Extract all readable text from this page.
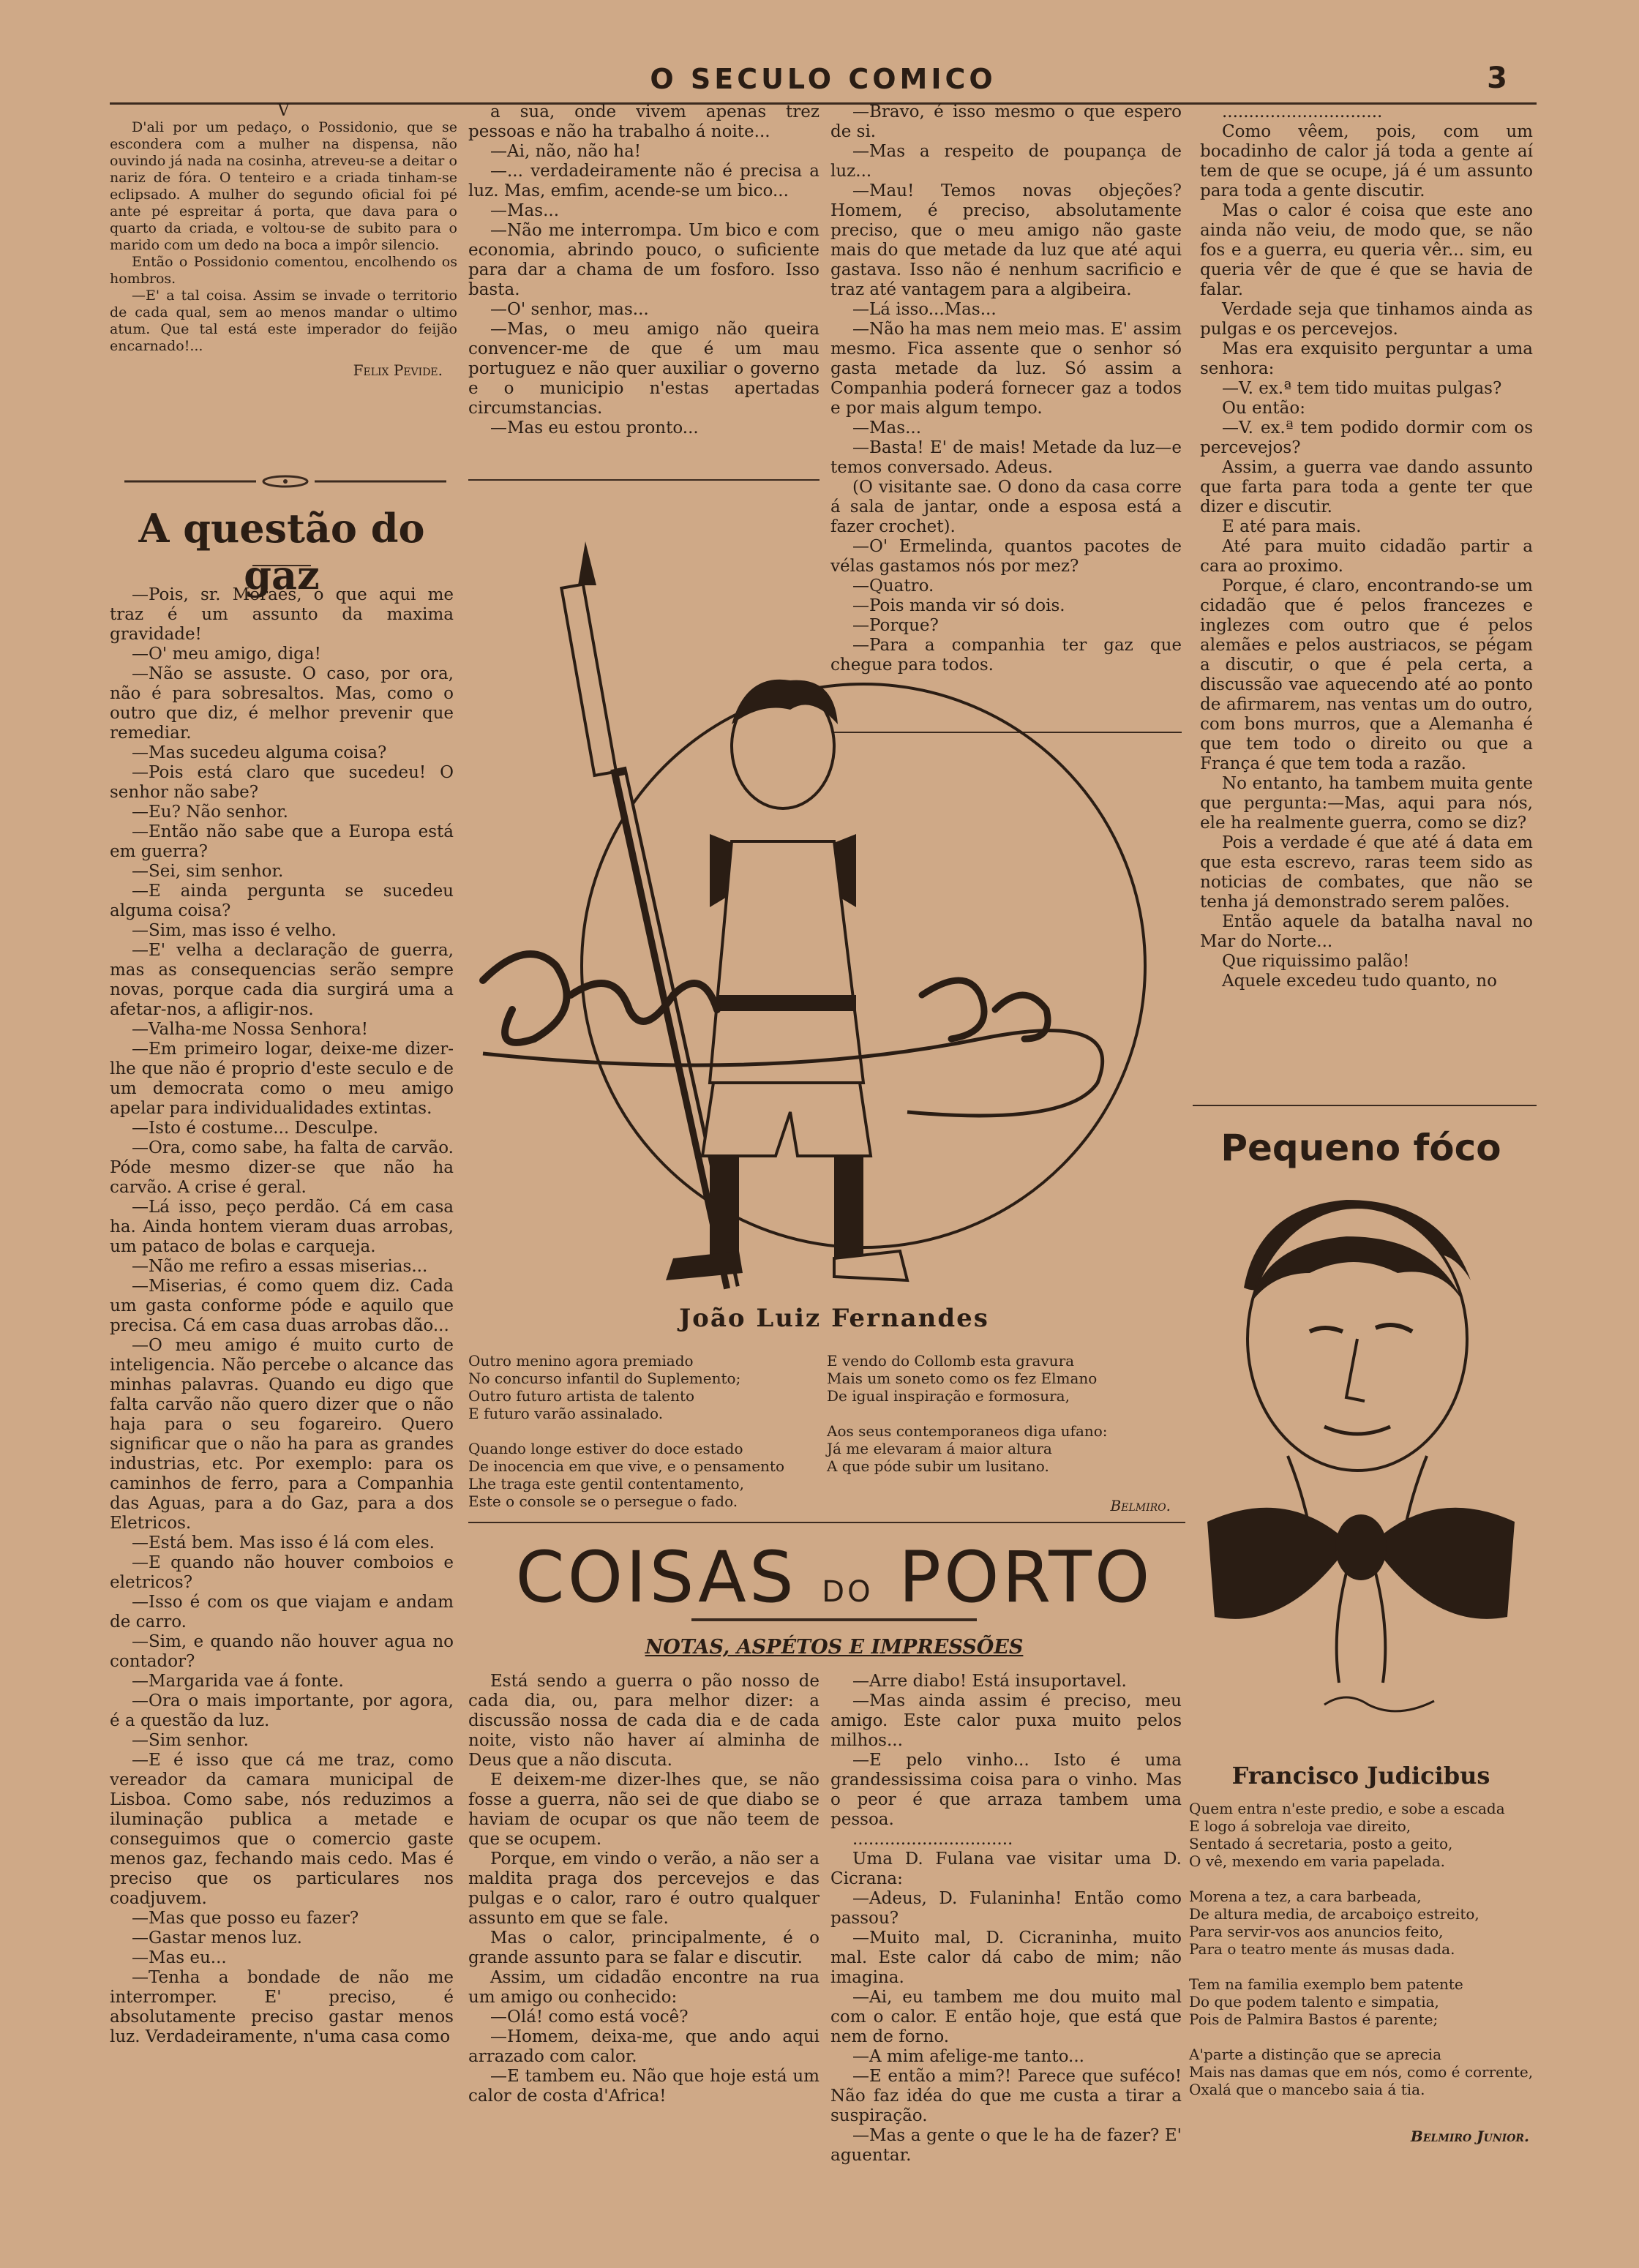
O SECULO COMICO	3
V

D'ali por um pedaço, o Possidonio, que se escondera com a mulher na dispensa, não ouvindo já nada na cosinha, atreveu-se a deitar o nariz de fóra. O tenteiro e a criada tinham-se eclipsado. A mulher do segundo oficial foi pé ante pé espreitar á porta, que dava para o quarto da criada, e voltou-se de subito para o marido com um dedo na boca a impôr silencio.

Então o Possidonio comentou, encolhendo os hombros.

—E' a tal coisa. Assim se invade o territorio de cada qual, sem ao menos mandar o ultimo atum. Que tal está este imperador do feijão encarnado!...

Felix Pevide.
A questão do gaz

—Pois, sr. Moraes, o que aqui me traz é um assunto da maxima gravidade!

—O' meu amigo, diga!

—Não se assuste. O caso, por ora, não é para sobresaltos. Mas, como o outro que diz, é melhor prevenir que remediar.

—Mas sucedeu alguma coisa?

—Pois está claro que sucedeu! O senhor não sabe?

—Eu? Não senhor.

—Então não sabe que a Europa está em guerra?

—Sei, sim senhor.

—E ainda pergunta se sucedeu alguma coisa?

—Sim, mas isso é velho.

—E' velha a declaração de guerra, mas as consequencias serão sempre novas, porque cada dia surgirá uma a afetar-nos, a afligir-nos.

—Valha-me Nossa Senhora!

—Em primeiro logar, deixe-me dizer-lhe que não é proprio d'este seculo e de um democrata como o meu amigo apelar para individualidades extintas.

—Isto é costume... Desculpe.

—Ora, como sabe, ha falta de carvão. Póde mesmo dizer-se que não ha carvão. A crise é geral.

—Lá isso, peço perdão. Cá em casa ha. Ainda hontem vieram duas arrobas, um pataco de bolas e carqueja.

—Não me refiro a essas miserias...

—Miserias, é como quem diz. Cada um gasta conforme póde e aquilo que precisa. Cá em casa duas arrobas dão...

—O meu amigo é muito curto de inteligencia. Não percebe o alcance das minhas palavras. Quando eu digo que falta carvão não quero dizer que o não haja para o seu fogareiro. Quero significar que o não ha para as grandes industrias, etc. Por exemplo: para os caminhos de ferro, para a Companhia das Aguas, para a do Gaz, para a dos Eletricos.

—Está bem. Mas isso é lá com eles.

—E quando não houver comboios e eletricos?

—Isso é com os que viajam e andam de carro.

—Sim, e quando não houver agua no contador?

—Margarida vae á fonte.

—Ora o mais importante, por agora, é a questão da luz.

—Sim senhor.

—E é isso que cá me traz, como vereador da camara municipal de Lisboa. Como sabe, nós reduzimos a iluminação publica a metade e conseguimos que o comercio gaste menos gaz, fechando mais cedo. Mas é preciso que os particulares nos coadjuvem.

—Mas que posso eu fazer?

—Gastar menos luz.

—Mas eu...

—Tenha a bondade de não me interromper. E' preciso, é absolutamente preciso gastar menos luz. Verdadeiramente, n'uma casa como

a sua, onde vivem apenas trez pessoas e não ha trabalho á noite...

—Ai, não, não ha!

—... verdadeiramente não é precisa a luz. Mas, emfim, acende-se um bico...

—Mas...

—Não me interrompa. Um bico e com economia, abrindo pouco, o suficiente para dar a chama de um fosforo. Isso basta.

—O' senhor, mas...

—Mas, o meu amigo não queira convencer-me de que é um mau portuguez e não quer auxiliar o governo e o municipio n'estas apertadas circumstancias.

—Mas eu estou pronto...

—Bravo, é isso mesmo o que espero de si.

—Mas a respeito de poupança de luz...

—Mau! Temos novas objeções? Homem, é preciso, absolutamente preciso, que o meu amigo não gaste mais do que metade da luz que até aqui gastava. Isso não é nenhum sacrificio e traz até vantagem para a algibeira.

—Lá isso...Mas...

—Não ha mas nem meio mas. E' assim mesmo. Fica assente que o senhor só gasta metade da luz. Só assim a Companhia poderá fornecer gaz a todos e por mais algum tempo.

—Mas...

—Basta! E' de mais! Metade da luz—e temos conversado. Adeus.

(O visitante sae. O dono da casa corre á sala de jantar, onde a esposa está a fazer crochet).

—O' Ermelinda, quantos pacotes de vélas gastamos nós por mez?

—Quatro.

—Pois manda vir só dois.

—Porque?

—Para a companhia ter gaz que chegue para todos.

..............................

Como vêem, pois, com um bocadinho de calor já toda a gente aí tem de que se ocupe, já é um assunto para toda a gente discutir.

Mas o calor é coisa que este ano ainda não veiu, de modo que, se não fos e a guerra, eu queria vêr... sim, eu queria vêr de que é que se havia de falar.

Verdade seja que tinhamos ainda as pulgas e os percevejos.

Mas era exquisito perguntar a uma senhora:

—V. ex.ª tem tido muitas pulgas?

Ou então:

—V. ex.ª tem podido dormir com os percevejos?

Assim, a guerra vae dando assunto que farta para toda a gente ter que dizer e discutir.

E até para mais.

Até para muito cidadão partir a cara ao proximo.

Porque, é claro, encontrando-se um cidadão que é pelos francezes e inglezes com outro que é pelos alemães e pelos austriacos, se pégam a discutir, o que é pela certa, a discussão vae aquecendo até ao ponto de afirmarem, nas ventas um do outro, com bons murros, que a Alemanha é que tem todo o direito ou que a França é que tem toda a razão.

No entanto, ha tambem muita gente que pergunta:—Mas, aqui para nós, ele ha realmente guerra, como se diz?

Pois a verdade é que até á data em que esta escrevo, raras teem sido as noticias de combates, que não se tenha já demonstrado serem palões.

Então aquele da batalha naval no Mar do Norte...

Que riquissimo palão!

Aquele excedeu tudo quanto, no

João Luiz Fernandes
Outro menino agora premiado
No concurso infantil do Suplemento;
Outro futuro artista de talento
E futuro varão assinalado.
Quando longe estiver do doce estado
De inocencia em que vive, e o pensamento
Lhe traga este gentil contentamento,
Este o console se o persegue o fado.
E vendo do Collomb esta gravura
Mais um soneto como os fez Elmano
De igual inspiração e formosura,
Aos seus contemporaneos diga ufano:
Já me elevaram á maior altura
A que póde subir um lusitano.
Belmiro.
COISAS DO PORTO
NOTAS, ASPÉTOS E IMPRESSÕES

Está sendo a guerra o pão nosso de cada dia, ou, para melhor dizer: a discussão nossa de cada dia e de cada noite, visto não haver aí alminha de Deus que a não discuta.

E deixem-me dizer-lhes que, se não fosse a guerra, não sei de que diabo se haviam de ocupar os que não teem de que se ocupem.

Porque, em vindo o verão, a não ser a maldita praga dos percevejos e das pulgas e o calor, raro é outro qualquer assunto em que se fale.

Mas o calor, principalmente, é o grande assunto para se falar e discutir.

Assim, um cidadão encontre na rua um amigo ou conhecido:

—Olá! como está você?

—Homem, deixa-me, que ando aqui arrazado com calor.

—E tambem eu. Não que hoje está um calor de costa d'Africa!

—Arre diabo! Está insuportavel.

—Mas ainda assim é preciso, meu amigo. Este calor puxa muito pelos milhos...

—E pelo vinho... Isto é uma grandessissima coisa para o vinho. Mas o peor é que arraza tambem uma pessoa.

..............................

Uma D. Fulana vae visitar uma D. Cicrana:

—Adeus, D. Fulaninha! Então como passou?

—Muito mal, D. Cicraninha, muito mal. Este calor dá cabo de mim; não imagina.

—Ai, eu tambem me dou muito mal com o calor. E então hoje, que está que nem de forno.

—A mim afelige-me tanto...

—E então a mim?! Parece que suféco! Não faz idéa do que me custa a tirar a suspiração.

—Mas a gente o que le ha de fazer? E' aguentar.

Pequeno fóco
Francisco Judicibus
Quem entra n'este predio, e sobe a escada
E logo á sobreloja vae direito,
Sentado á secretaria, posto a geito,
O vê, mexendo em varia papelada.
Morena a tez, a cara barbeada,
De altura media, de arcaboiço estreito,
Para servir-vos aos anuncios feito,
Para o teatro mente ás musas dada.
Tem na familia exemplo bem patente
Do que podem talento e simpatia,
Pois de Palmira Bastos é parente;
A'parte a distinção que se aprecia
Mais nas damas que em nós, como é corrente,
Oxalá que o mancebo saia á tia.
Belmiro Junior.
